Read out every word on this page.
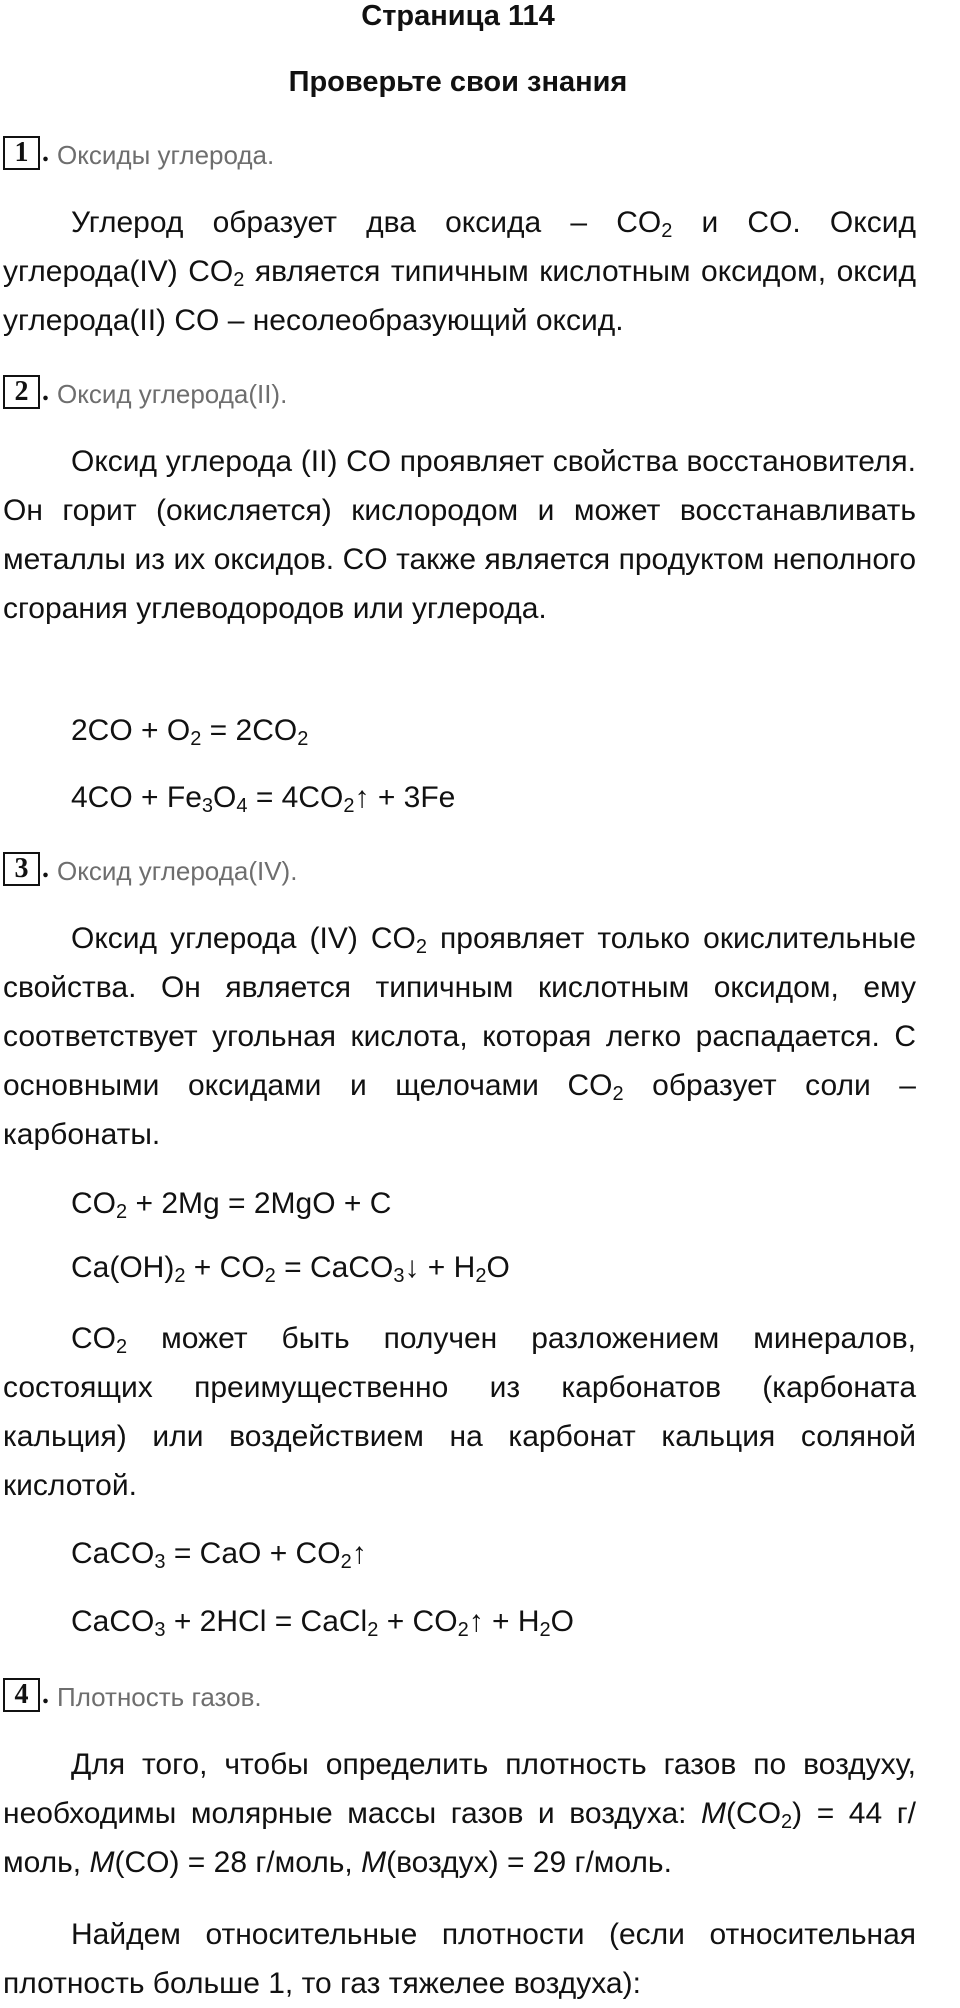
Страница 114
Проверьте свои знания
1 . Оксиды углерода.
Углерод образует два оксида – $CO_2$ и CO. Оксид углерода(IV) $CO_2$ является типичным кислотным оксидом, оксид углерода(II) CO – несолеобразующий оксид.
2 . Оксид углерода(II).
Оксид углерода (II) CO проявляет свойства восстановителя. Он горит (окисляется) кислородом и может восстанавливать металлы из их оксидов. CO также является продуктом неполного сгорания углеводородов или углерода.
$2CO + O_2 = 2CO_2$
$4CO + Fe_3O_4$ = $4CO_2↑ + 3Fe$
3 . Оксид углерода(IV).
Оксид углерода (IV) $CO_2$ проявляет только окислительные свойства. Он является типичным кислотным оксидом, ему соответствует угольная кислота, которая легко распадается. С основными оксидами и щелочами $CO_2$ образует соли – карбонаты.
$CO_2 + 2Mg = 2MgO + C$
$Ca(OH)_2 + CO_2$ = CaCO$_3$↓ + $H_2O$
$CO_2$ может быть получен разложением минералов, состоящих преимущественно из карбонатов (карбоната кальция) или воздействием на карбонат кальция соляной кислотой.
CaCO$_3$ = CaO + $CO_2↑$
CaCO$_3$ + 2HCl = CaCl$_2$ + $CO_2↑ + H_2O$
4 . Плотность газов.
Для того, чтобы определить плотность газов по воздуху, необходимы молярные массы газов и воздуха: $M(CO_2) = 44$ г/моль, M(CO) = 28 г/моль, M(воздух) = 29 г/моль.
Найдем относительные плотности (если относительная плотность больше 1, то газ тяжелее воздуха):
